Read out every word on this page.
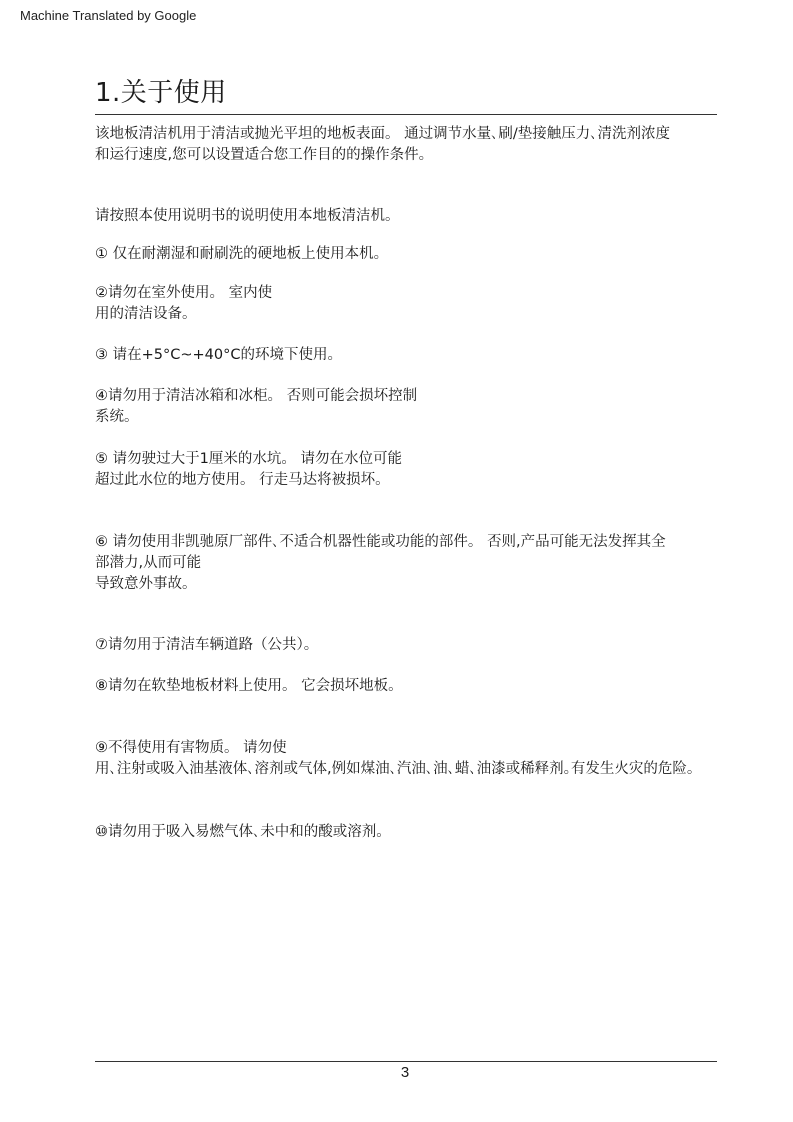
Machine Translated by Google
1.关于使用

该地板清洁机用于清洁或抛光平坦的地板表面。 通过调节水量､刷/垫接触压力､清洗剂浓度
和运行速度,您可以设置适合您工作目的的操作条件。

请按照本使用说明书的说明使用本地板清洁机。

① 仅在耐潮湿和耐刷洗的硬地板上使用本机。

②请勿在室外使用。 室内使
用的清洁设备。

③ 请在+5°C~+40°C的环境下使用。

④请勿用于清洁冰箱和冰柜。 否则可能会损坏控制
系统。

⑤ 请勿驶过大于1厘米的水坑。 请勿在水位可能
超过此水位的地方使用。 行走马达将被损坏。

⑥ 请勿使用非凯驰原厂部件､不适合机器性能或功能的部件。 否则,产品可能无法发挥其全
部潜力,从而可能
导致意外事故。

⑦请勿用于清洁车辆道路（公共）。

⑧请勿在软垫地板材料上使用。 它会损坏地板。

⑨不得使用有害物质。 请勿使
用､注射或吸入油基液体､溶剂或气体,例如煤油､汽油､油､蜡､油漆或稀释剂｡有发生火灾的危险。

⑩请勿用于吸入易燃气体､未中和的酸或溶剂。

3
